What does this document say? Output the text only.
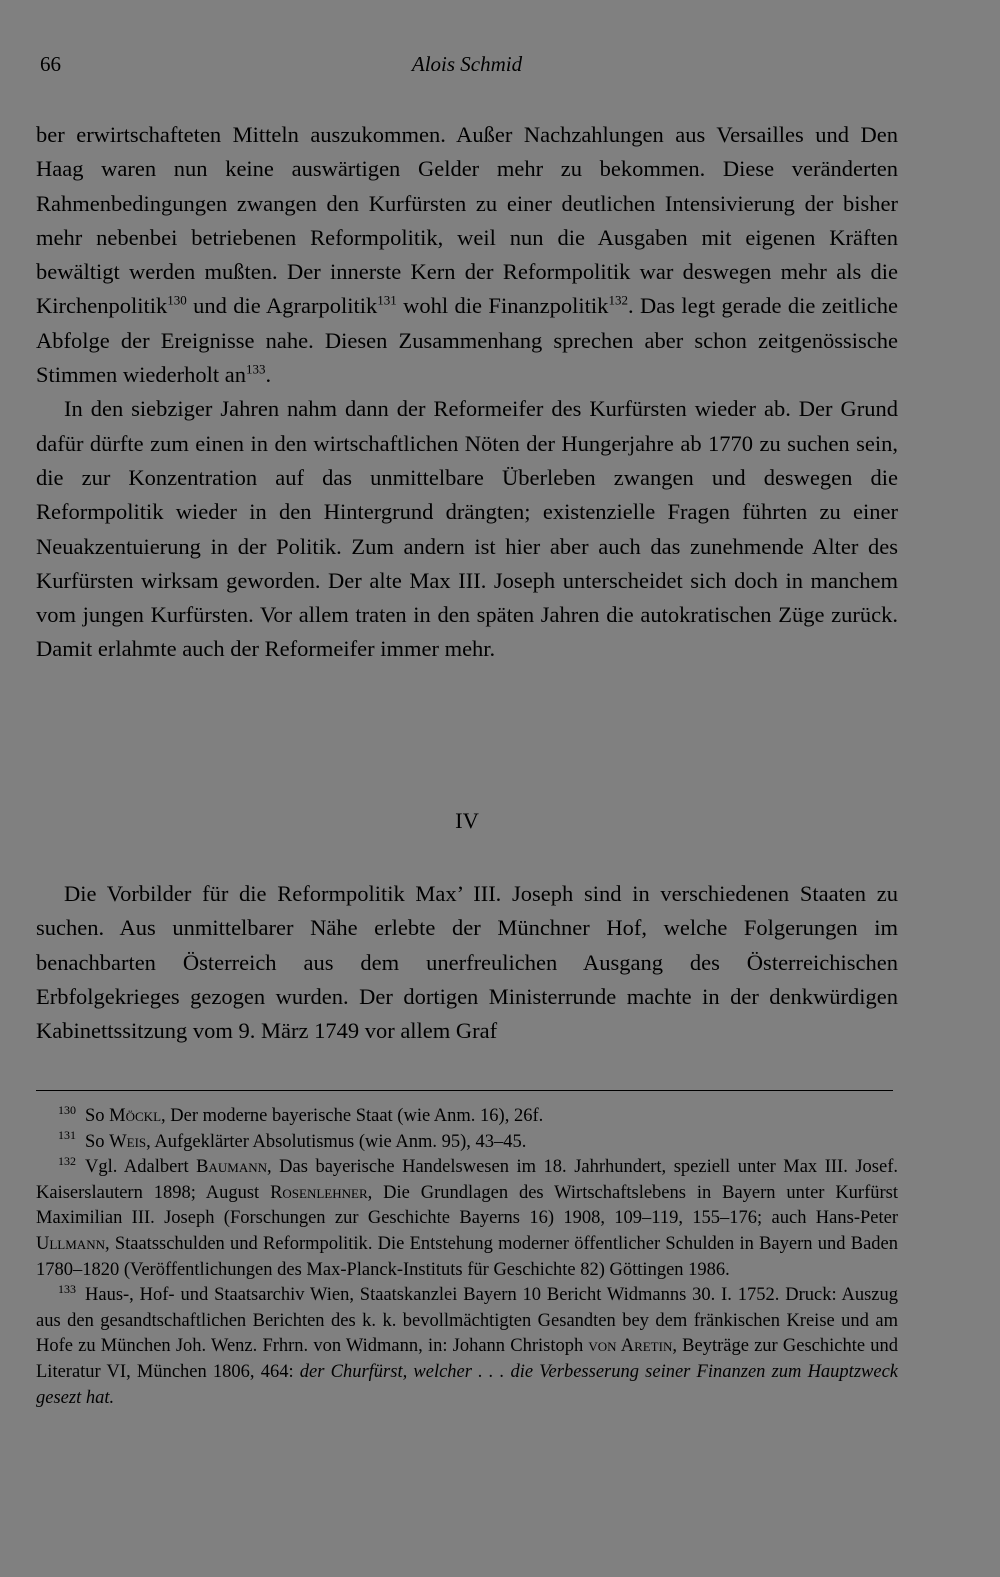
66	Alois Schmid

ber erwirtschafteten Mitteln auszukommen. Außer Nachzahlungen aus Versailles und Den Haag waren nun keine auswärtigen Gelder mehr zu bekommen. Diese veränderten Rahmenbedingungen zwangen den Kurfürsten zu einer deutlichen Intensivierung der bisher mehr nebenbei betriebenen Reformpolitik, weil nun die Ausgaben mit eigenen Kräften bewältigt werden mußten. Der innerste Kern der Reformpolitik war deswegen mehr als die Kirchenpolitik$^{130}$ und die Agrarpolitik$^{131}$ wohl die Finanzpolitik$^{132}$. Das legt gerade die zeitliche Abfolge der Ereignisse nahe. Diesen Zusammenhang sprechen aber schon zeitgenössische Stimmen wiederholt $an^{133}$.

In den siebziger Jahren nahm dann der Reformeifer des Kurfürsten wieder ab. Der Grund dafür dürfte zum einen in den wirtschaftlichen Nöten der Hungerjahre ab 1770 zu suchen sein, die zur Konzentration auf das unmittelbare Überleben zwangen und deswegen die Reformpolitik wieder in den Hintergrund drängten; existenzielle Fragen führten zu einer Neuakzentuierung in der Politik. Zum andern ist hier aber auch das zunehmende Alter des Kurfürsten wirksam geworden. Der alte Max III. Joseph unterscheidet sich doch in manchem vom jungen Kurfürsten. Vor allem traten in den späten Jahren die autokratischen Züge zurück. Damit erlahmte auch der Reformeifer immer mehr.

IV

Die Vorbilder für die Reformpolitik Max’ III. Joseph sind in verschiedenen Staaten zu suchen. Aus unmittelbarer Nähe erlebte der Münchner Hof, welche Folgerungen im benachbarten Österreich aus dem unerfreulichen Ausgang des Österreichischen Erbfolgekrieges gezogen wurden. Der dortigen Ministerrunde machte in der denkwürdigen Kabinettssitzung vom 9. März 1749 vor allem Graf

$^{130}$ So Möckl, Der moderne bayerische Staat (wie Anm. 16), 26f.

$^{131}$ So Weis, Aufgeklärter Absolutismus (wie Anm. 95), 43–45.

$^{132}$ Vgl. Adalbert Baumann, Das bayerische Handelswesen im 18. Jahrhundert, speziell unter Max III. Josef. Kaiserslautern 1898; August Rosenlehner, Die Grundlagen des Wirtschaftslebens in Bayern unter Kurfürst Maximilian III. Joseph (Forschungen zur Geschichte Bayerns 16) 1908, 109–119, 155–176; auch Hans-Peter Ullmann, Staatsschulden und Reformpolitik. Die Entstehung moderner öffentlicher Schulden in Bayern und Baden 1780–1820 (Veröffentlichungen des Max-Planck-Instituts für Geschichte 82) Göttingen 1986.

$^{133}$ Haus-, Hof- und Staatsarchiv Wien, Staatskanzlei Bayern 10 Bericht Widmanns 30. I. 1752. Druck: Auszug aus den gesandtschaftlichen Berichten des k. k. bevollmächtigten Gesandten bey dem fränkischen Kreise und am Hofe zu München Joh. Wenz. Frhrn. von Widmann, in: Johann Christoph von Aretin, Beyträge zur Geschichte und Literatur VI, München 1806, 464: der Churfürst, welcher . . . die Verbesserung seiner Finanzen zum Hauptzweck gesezt hat.
